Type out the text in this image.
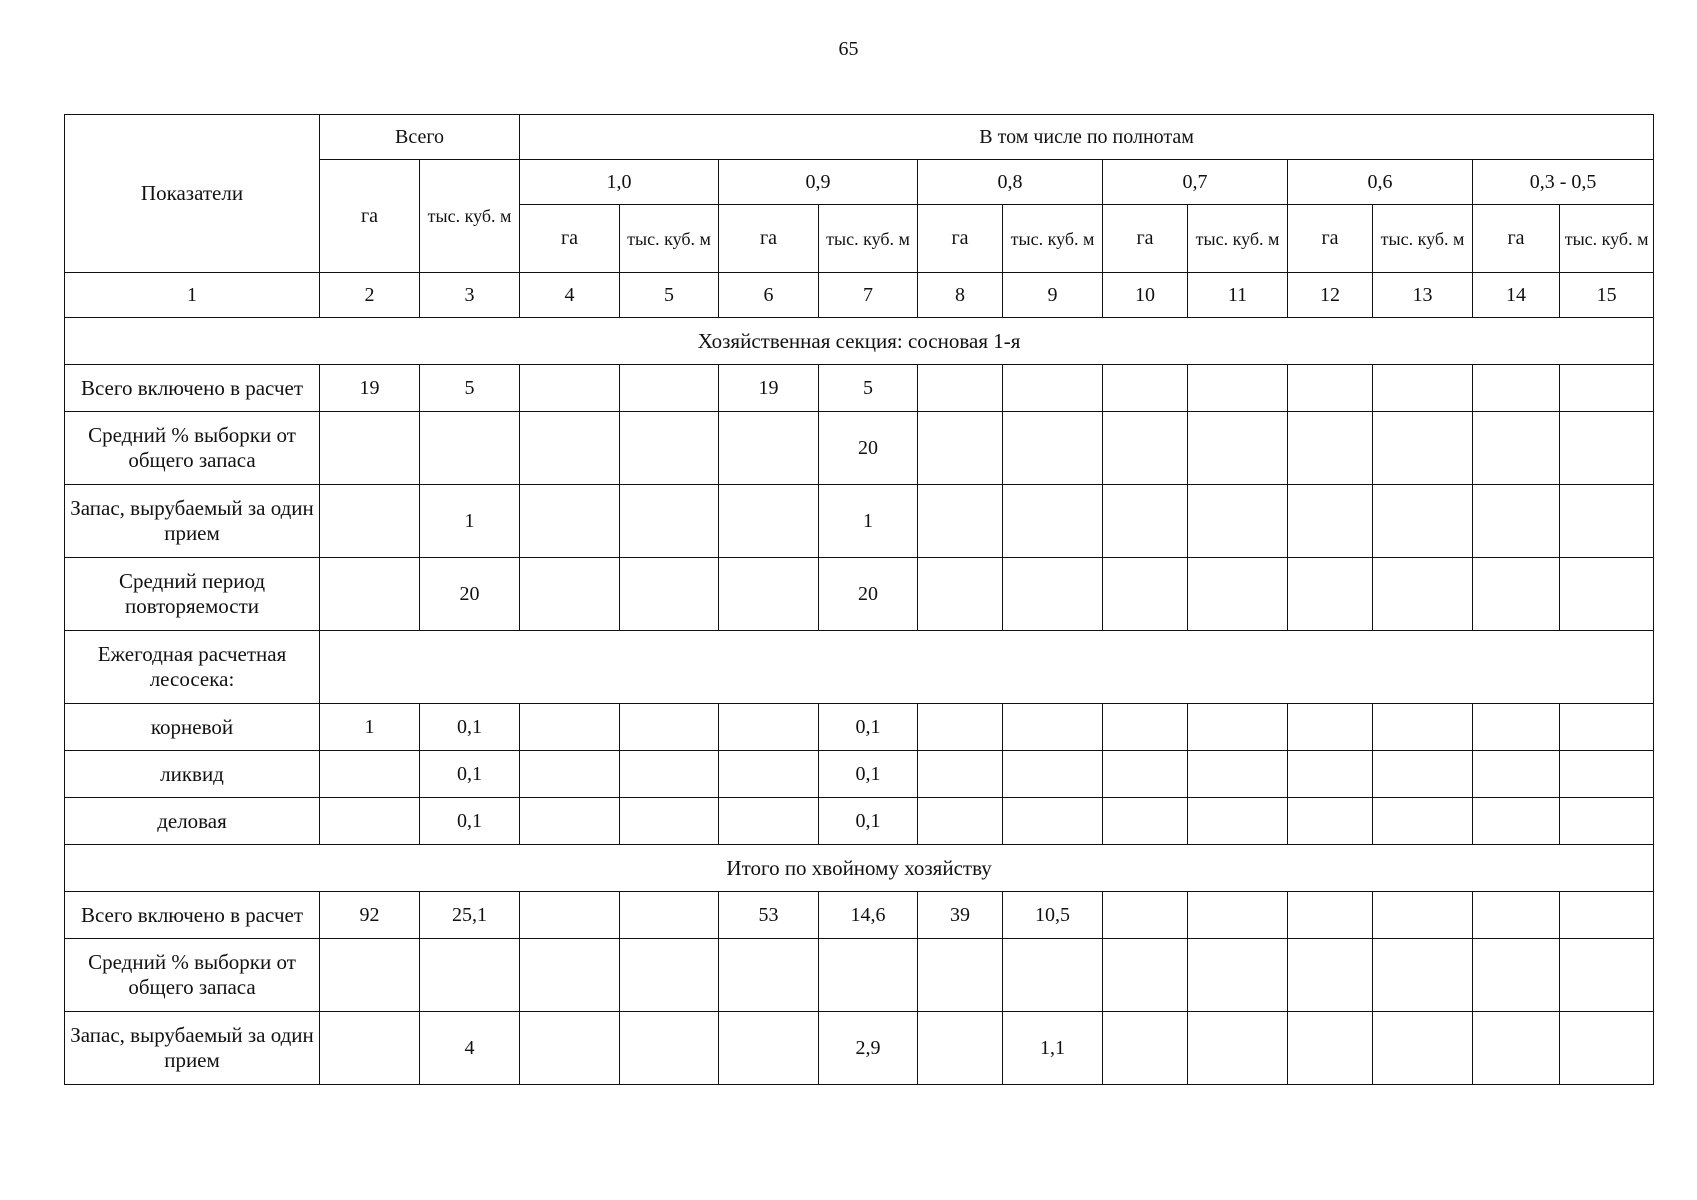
65
Показатели	Всего		В том числе по полнотам											
	га	тыс. куб. м	1,0		0,9		0,8		0,7		0,6		0,3 - 0,5	
			га	тыс. куб. м	га	тыс. куб. м	га	тыс. куб. м	га	тыс. куб. м	га	тыс. куб. м	га	тыс. куб. м
1	2	3	4	5	6	7	8	9	10	11	12	13	14	15
Хозяйственная секция: сосновая 1-я														
Всего включено в расчет	19	5			19	5								
Средний % выборки от общего запаса						20								
Запас, вырубаемый за один прием		1				1								
Средний период повторяемости		20				20								
Ежегодная расчетная лесосека:														
корневой	1	0,1				0,1								
ликвид		0,1				0,1								
деловая		0,1				0,1								
Итого по хвойному хозяйству														
Всего включено в расчет	92	25,1			53	14,6	39	10,5						
Средний % выборки от общего запаса														
Запас, вырубаемый за один прием		4				2,9		1,1						
